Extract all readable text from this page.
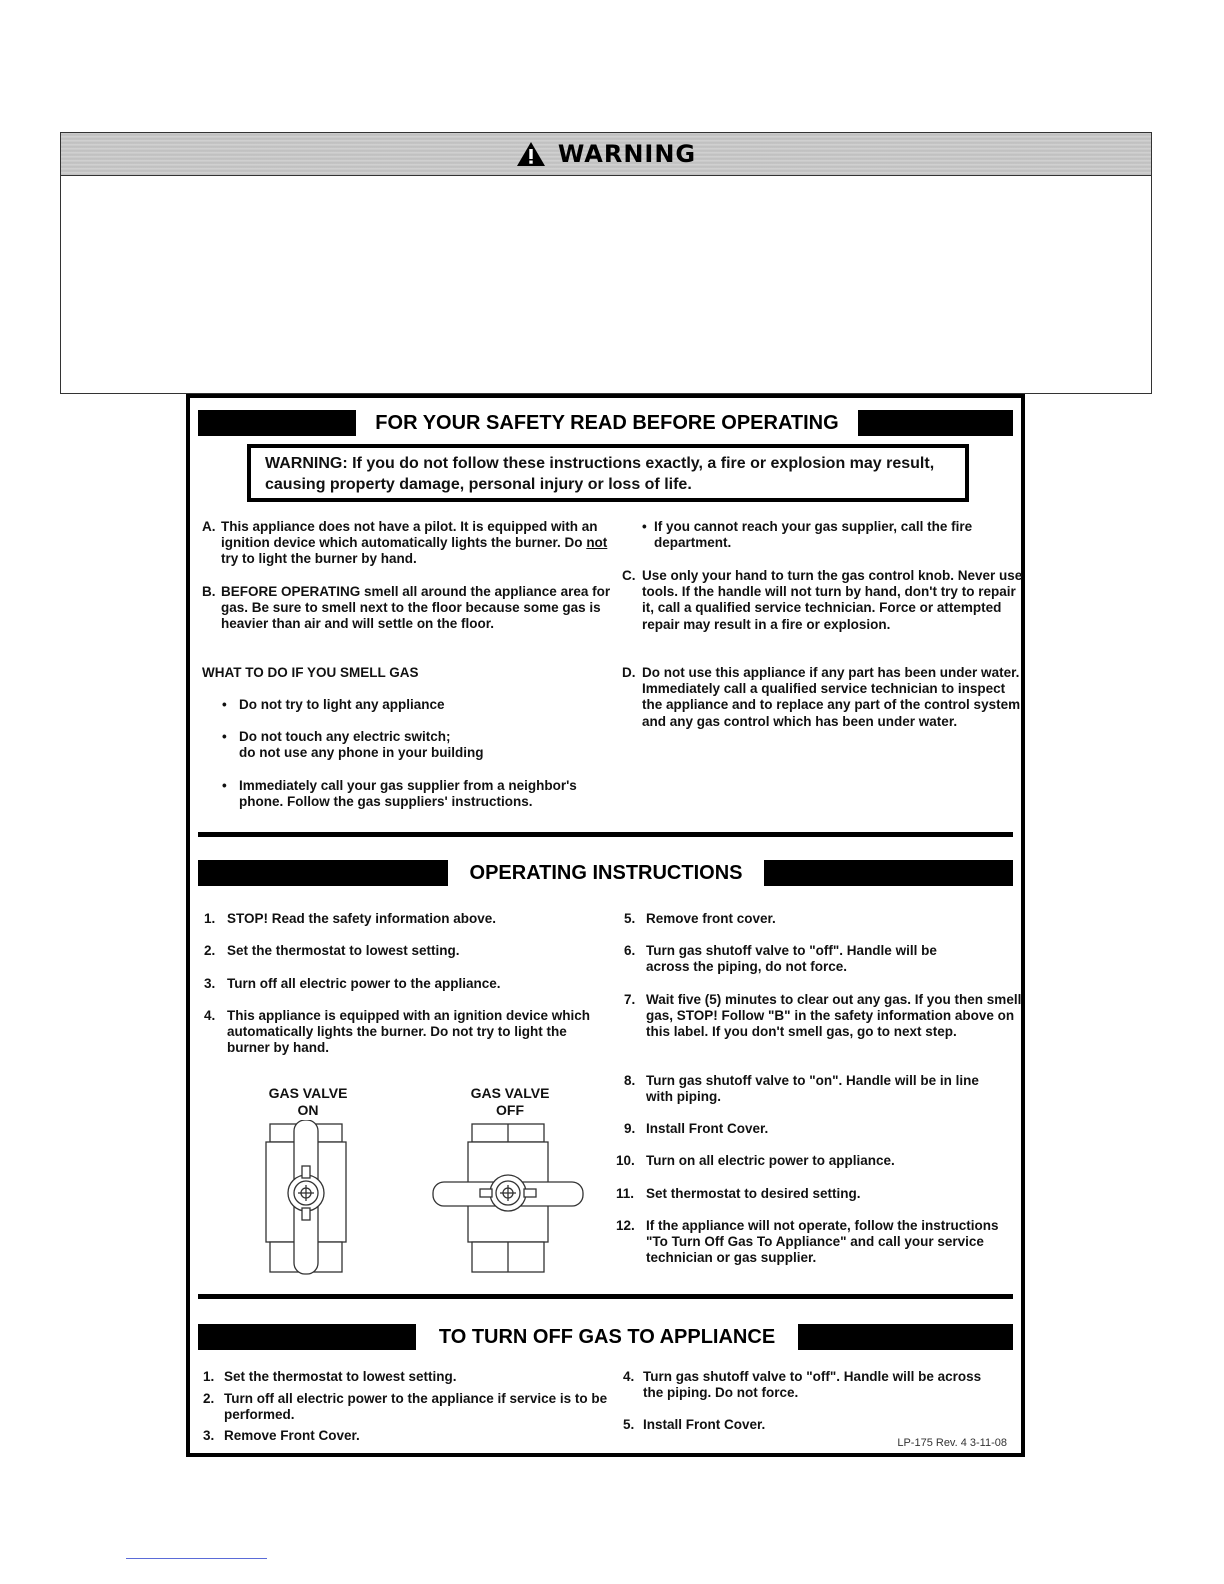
WARNING
FOR YOUR SAFETY READ BEFORE OPERATING
WARNING: If you do not follow these instructions exactly, a fire or explosion may result, causing property damage, personal injury or loss of life.
A. This appliance does not have a pilot. It is equipped with an ignition device which automatically lights the burner. Do not try to light the burner by hand.
B. BEFORE OPERATING smell all around the appliance area for gas. Be sure to smell next to the floor because some gas is heavier than air and will settle on the floor.
WHAT TO DO IF YOU SMELL GAS
• Do not try to light any appliance
• Do not touch any electric switch;
do not use any phone in your building
• Immediately call your gas supplier from a neighbor's phone. Follow the gas suppliers' instructions.
• If you cannot reach your gas supplier, call the fire department.
C. Use only your hand to turn the gas control knob. Never use tools. If the handle will not turn by hand, don't try to repair it, call a qualified service technician. Force or attempted repair may result in a fire or explosion.
D. Do not use this appliance if any part has been under water. Immediately call a qualified service technician to inspect the appliance and to replace any part of the control system and any gas control which has been under water.
OPERATING INSTRUCTIONS
1. STOP! Read the safety information above.
2. Set the thermostat to lowest setting.
3. Turn off all electric power to the appliance.
4. This appliance is equipped with an ignition device which automatically lights the burner. Do not try to light the burner by hand.
GAS VALVE
ON
GAS VALVE
OFF
5. Remove front cover.
6. Turn gas shutoff valve to "off". Handle will be across the piping, do not force.
7. Wait five (5) minutes to clear out any gas. If you then smell gas, STOP! Follow "B" in the safety information above on this label. If you don't smell gas, go to next step.
8. Turn gas shutoff valve to "on". Handle will be in line with piping.
9. Install Front Cover.
10. Turn on all electric power to appliance.
11. Set thermostat to desired setting.
12. If the appliance will not operate, follow the instructions "To Turn Off Gas To Appliance" and call your service technician or gas supplier.
TO TURN OFF GAS TO APPLIANCE
1. Set the thermostat to lowest setting.
2. Turn off all electric power to the appliance if service is to be performed.
3. Remove Front Cover.
4. Turn gas shutoff valve to "off". Handle will be across the piping. Do not force.
5. Install Front Cover.
LP-175 Rev. 4 3-11-08
